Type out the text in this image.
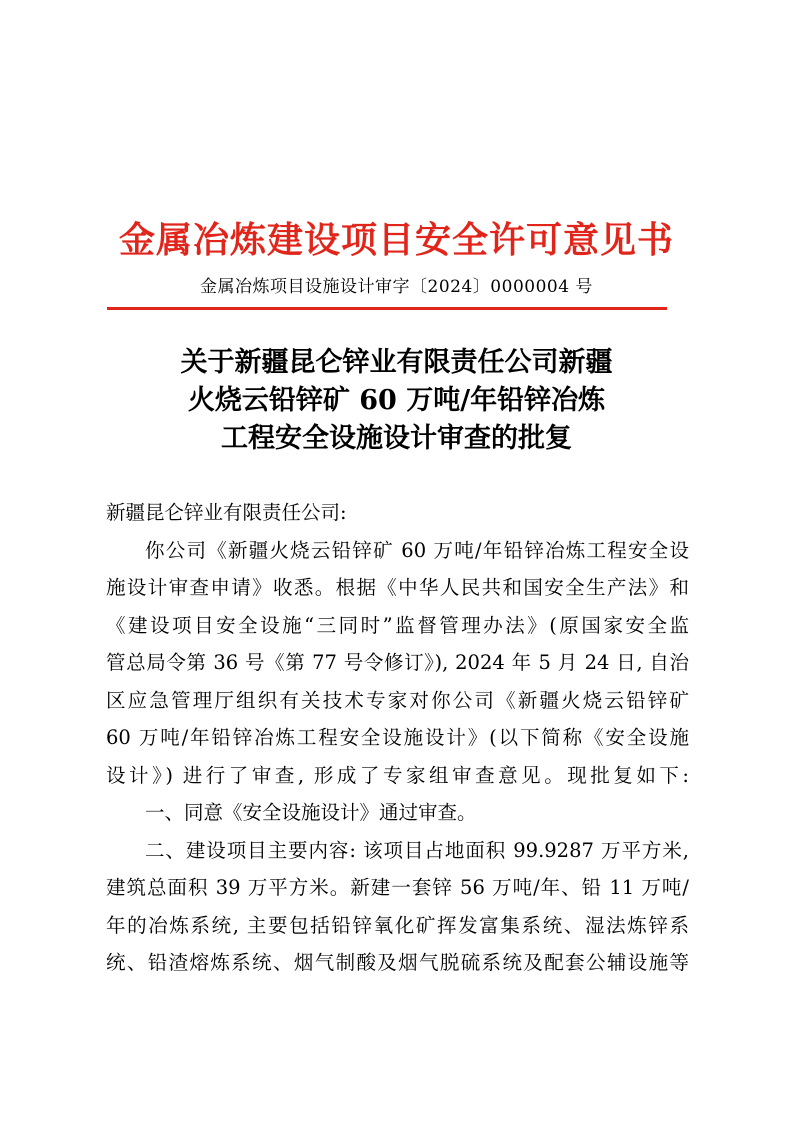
金属冶炼建设项目安全许可意见书
金属冶炼项目设施设计审字〔2024〕0000004 号
关于新疆昆仑锌业有限责任公司新疆
火烧云铅锌矿 60 万吨/年铅锌冶炼
工程安全设施设计审查的批复
新疆昆仑锌业有限责任公司:
你公司《新疆火烧云铅锌矿 60 万吨/年铅锌冶炼工程安全设
施设计审查申请》收悉。根据《中华人民共和国安全生产法》和
《建设项目安全设施“三同时”监督管理办法》(原国家安全监
管总局令第 36 号《第 77 号令修订》), 2024 年 5 月 24 日, 自治
区应急管理厅组织有关技术专家对你公司《新疆火烧云铅锌矿
60 万吨/年铅锌冶炼工程安全设施设计》(以下简称《安全设施
设计》) 进行了审查, 形成了专家组审查意见。现批复如下:
一、同意《安全设施设计》通过审查。
二、建设项目主要内容: 该项目占地面积 99.9287 万平方米,
建筑总面积 39 万平方米。新建一套锌 56 万吨/年、铅 11 万吨/
年的冶炼系统, 主要包括铅锌氧化矿挥发富集系统、湿法炼锌系
统、铅渣熔炼系统、烟气制酸及烟气脱硫系统及配套公辅设施等
